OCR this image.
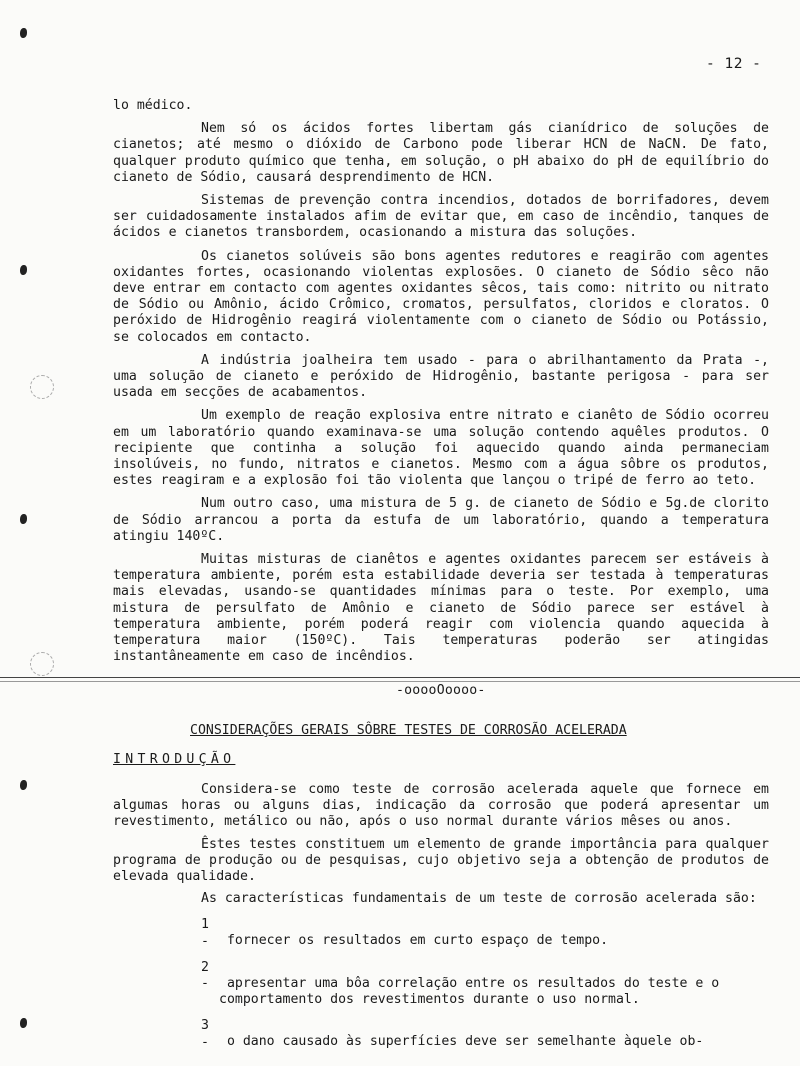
- 12 -

lo médico.

Nem só os ácidos fortes libertam gás cianídrico de soluções de cianetos; até mesmo o dióxido de Carbono pode liberar HCN de NaCN. De fato, qualquer produto químico que tenha, em solução, o pH abaixo do pH de equilíbrio do cianeto de Sódio, causará desprendimento de HCN.

Sistemas de prevenção contra incendios, dotados de borrifadores, devem ser cuidadosamente instalados afim de evitar que, em caso de incêndio, tanques de ácidos e cianetos transbordem, ocasionando a mistura das soluções.

Os cianetos solúveis são bons agentes redutores e reagirão com agentes oxidantes fortes, ocasionando violentas explosões. O cianeto de Sódio sêco não deve entrar em contacto com agentes oxidantes sêcos, tais como: nitrito ou nitrato de Sódio ou Amônio, ácido Crômico, cromatos, persulfatos, cloridos e cloratos. O peróxido de Hidrogênio reagirá violentamente com o cianeto de Sódio ou Potássio, se colocados em contacto.

A indústria joalheira tem usado - para o abrilhantamento da Prata -, uma solução de cianeto e peróxido de Hidrogênio, bastante perigosa - para ser usada em secções de acabamentos.

Um exemplo de reação explosiva entre nitrato e cianêto de Sódio ocorreu em um laboratório quando examinava-se uma solução contendo aquêles produtos. O recipiente que continha a solução foi aquecido quando ainda permaneciam insolúveis, no fundo, nitratos e cianetos. Mesmo com a água sôbre os produtos, estes reagiram e a explosão foi tão violenta que lançou o tripé de ferro ao teto.

Num outro caso, uma mistura de 5 g. de cianeto de Sódio e 5g.de clorito de Sódio arrancou a porta da estufa de um laboratório, quando a temperatura atingiu 140ºC.

Muitas misturas de cianêtos e agentes oxidantes parecem ser estáveis à temperatura ambiente, porém esta estabilidade deveria ser testada à temperaturas mais elevadas, usando-se quantidades mínimas para o teste. Por exemplo, uma mistura de persulfato de Amônio e cianeto de Sódio parece ser estável à temperatura ambiente, porém poderá reagir com violencia quando aquecida à temperatura maior (150ºC). Tais temperaturas poderão ser atingidas instantâneamente em caso de incêndios.

-ooooOoooo-
CONSIDERAÇÕES GERAIS SÔBRE TESTES DE CORROSÃO ACELERADA
INTRODUÇÃO

Considera-se como teste de corrosão acelerada aquele que fornece em algumas horas ou alguns dias, indicação da corrosão que poderá apresentar um revestimento, metálico ou não, após o uso normal durante vários mêses ou anos.

Êstes testes constituem um elemento de grande importância para qualquer programa de produção ou de pesquisas, cujo objetivo seja a obtenção de produtos de elevada qualidade.

As características fundamentais de um teste de corrosão acelerada são:

1 - fornecer os resultados em curto espaço de tempo.
2 - apresentar uma bôa correlação entre os resultados do teste e o comportamento dos revestimentos durante o uso normal.
3 - o dano causado às superfícies deve ser semelhante àquele ob-
